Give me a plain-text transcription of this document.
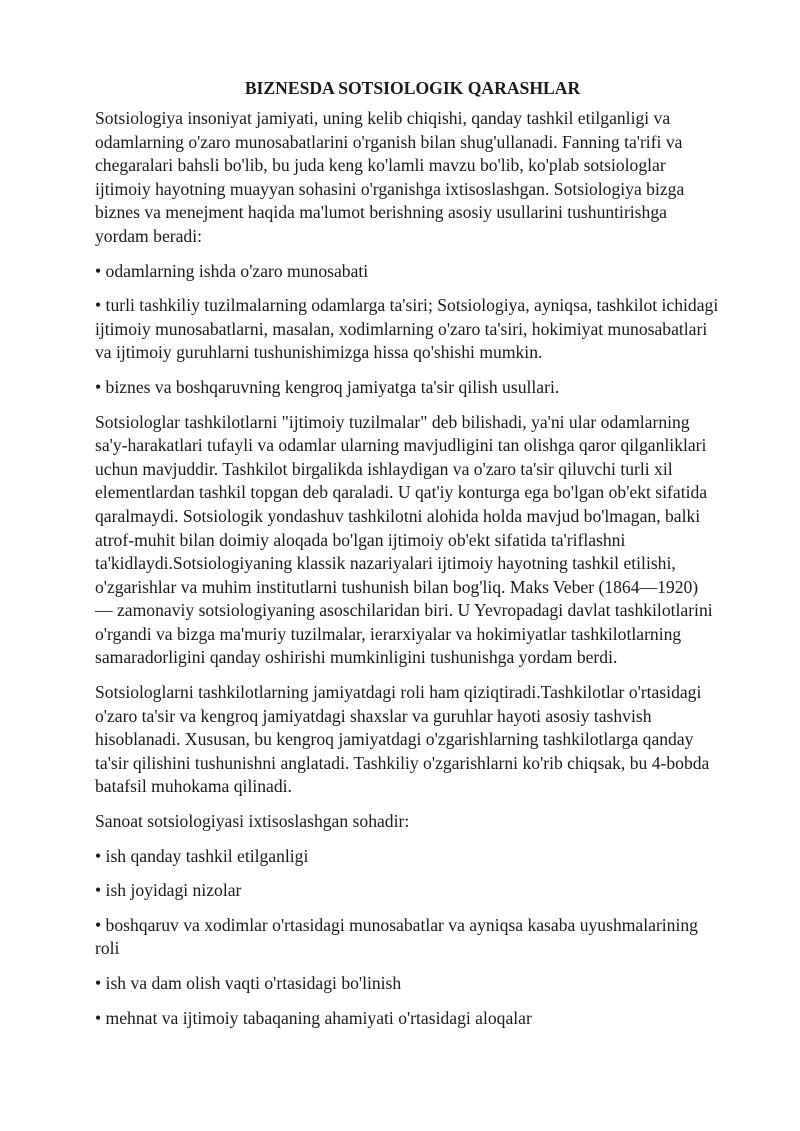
BIZNESDA SOTSIOLOGIK QARASHLAR

Sotsiologiya insoniyat jamiyati, uning kelib chiqishi, qanday tashkil etilganligi va odamlarning o'zaro munosabatlarini o'rganish bilan shug'ullanadi. Fanning ta'rifi va chegaralari bahsli bo'lib, bu juda keng ko'lamli mavzu bo'lib, ko'plab sotsiologlar ijtimoiy hayotning muayyan sohasini o'rganishga ixtisoslashgan. Sotsiologiya bizga biznes va menejment haqida ma'lumot berishning asosiy usullarini tushuntirishga yordam beradi:

• odamlarning ishda o'zaro munosabati

• turli tashkiliy tuzilmalarning odamlarga ta'siri; Sotsiologiya, ayniqsa, tashkilot ichidagi ijtimoiy munosabatlarni, masalan, xodimlarning o'zaro ta'siri, hokimiyat munosabatlari va ijtimoiy guruhlarni tushunishimizga hissa qo'shishi mumkin.

• biznes va boshqaruvning kengroq jamiyatga ta'sir qilish usullari.

Sotsiologlar tashkilotlarni "ijtimoiy tuzilmalar" deb bilishadi, ya'ni ular odamlarning sa'y-harakatlari tufayli va odamlar ularning mavjudligini tan olishga qaror qilganliklari uchun mavjuddir. Tashkilot birgalikda ishlaydigan va o'zaro ta'sir qiluvchi turli xil elementlardan tashkil topgan deb qaraladi. U qat'iy konturga ega bo'lgan ob'ekt sifatida qaralmaydi. Sotsiologik yondashuv tashkilotni alohida holda mavjud bo'lmagan, balki atrof-muhit bilan doimiy aloqada bo'lgan ijtimoiy ob'ekt sifatida ta'riflashni ta'kidlaydi.Sotsiologiyaning klassik nazariyalari ijtimoiy hayotning tashkil etilishi, o'zgarishlar va muhim institutlarni tushunish bilan bog'liq. Maks Veber (1864—1920) — zamonaviy sotsiologiyaning asoschilaridan biri. U Yevropadagi davlat tashkilotlarini o'rgandi va bizga ma'muriy tuzilmalar, ierarxiyalar va hokimiyatlar tashkilotlarning samaradorligini qanday oshirishi mumkinligini tushunishga yordam berdi.

Sotsiologlarni tashkilotlarning jamiyatdagi roli ham qiziqtiradi.Tashkilotlar o'rtasidagi o'zaro ta'sir va kengroq jamiyatdagi shaxslar va guruhlar hayoti asosiy tashvish hisoblanadi. Xususan, bu kengroq jamiyatdagi o'zgarishlarning tashkilotlarga qanday ta'sir qilishini tushunishni anglatadi. Tashkiliy o'zgarishlarni ko'rib chiqsak, bu 4-bobda batafsil muhokama qilinadi.

Sanoat sotsiologiyasi ixtisoslashgan sohadir:

• ish qanday tashkil etilganligi

• ish joyidagi nizolar

• boshqaruv va xodimlar o'rtasidagi munosabatlar va ayniqsa kasaba uyushmalarining roli

• ish va dam olish vaqti o'rtasidagi bo'linish

• mehnat va ijtimoiy tabaqaning ahamiyati o'rtasidagi aloqalar
